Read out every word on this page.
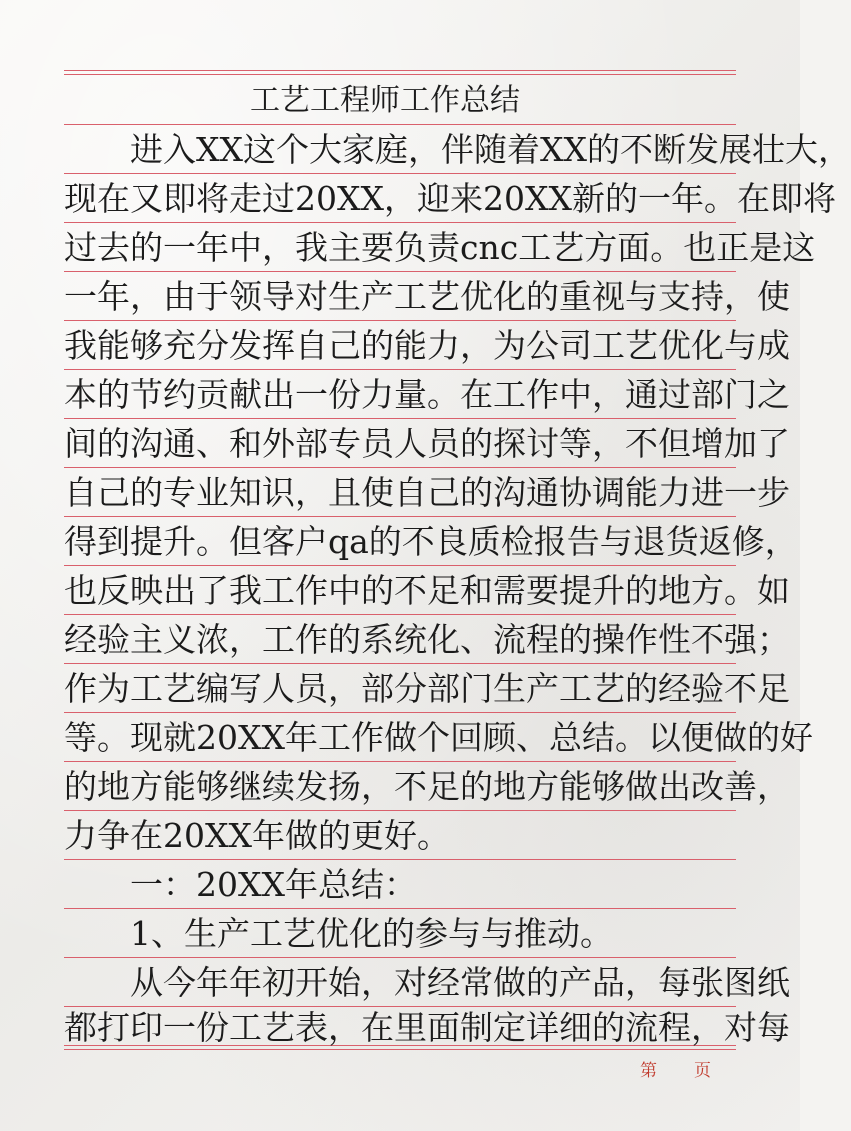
工艺工程师工作总结
　　进入XX这个大家庭，伴随着XX的不断发展壮大，
现在又即将走过20XX，迎来20XX新的一年。在即将
过去的一年中，我主要负责cnc工艺方面。也正是这
一年，由于领导对生产工艺优化的重视与支持，使
我能够充分发挥自己的能力，为公司工艺优化与成
本的节约贡献出一份力量。在工作中，通过部门之
间的沟通、和外部专员人员的探讨等，不但增加了
自己的专业知识，且使自己的沟通协调能力进一步
得到提升。但客户qa的不良质检报告与退货返修，
也反映出了我工作中的不足和需要提升的地方。如
经验主义浓，工作的系统化、流程的操作性不强；
作为工艺编写人员，部分部门生产工艺的经验不足
等。现就20XX年工作做个回顾、总结。以便做的好
的地方能够继续发扬，不足的地方能够做出改善，
力争在20XX年做的更好。
　　一：20XX年总结：
　　1、生产工艺优化的参与与推动。
　　从今年年初开始，对经常做的产品，每张图纸
都打印一份工艺表，在里面制定详细的流程，对每
第　　页
